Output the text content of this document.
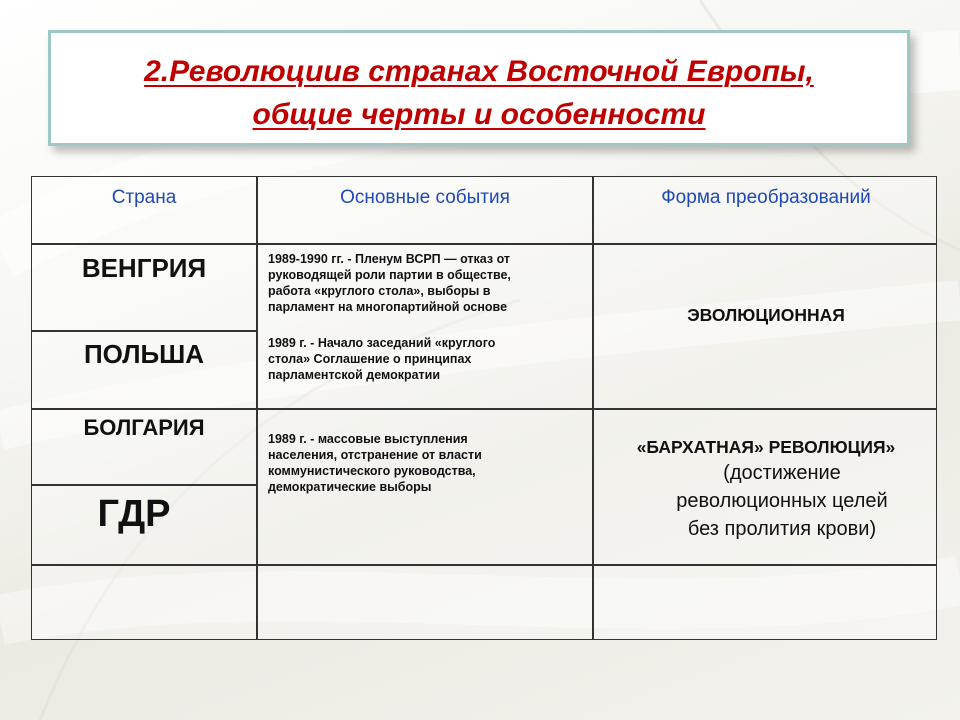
2.Революциив странах Восточной Европы,
общие черты и особенности
Страна	Основные события	Форма преобразований
ВЕНГРИЯ
ПОЛЬША
БОЛГАРИЯ
ГДР
1989-1990 гг. - Пленум ВСРП — отказ от
руководящей роли партии в обществе,
работа «круглого стола», выборы в
парламент на многопартийной основе
1989 г. - Начало заседаний «круглого
стола» Соглашение о принципах
парламентской демократии
1989 г. - массовые выступления
населения, отстранение от власти
коммунистического руководства,
демократические выборы
ЭВОЛЮЦИОННАЯ
«БАРХАТНАЯ» РЕВОЛЮЦИЯ»
(достижение
революционных целей
без пролития крови)
